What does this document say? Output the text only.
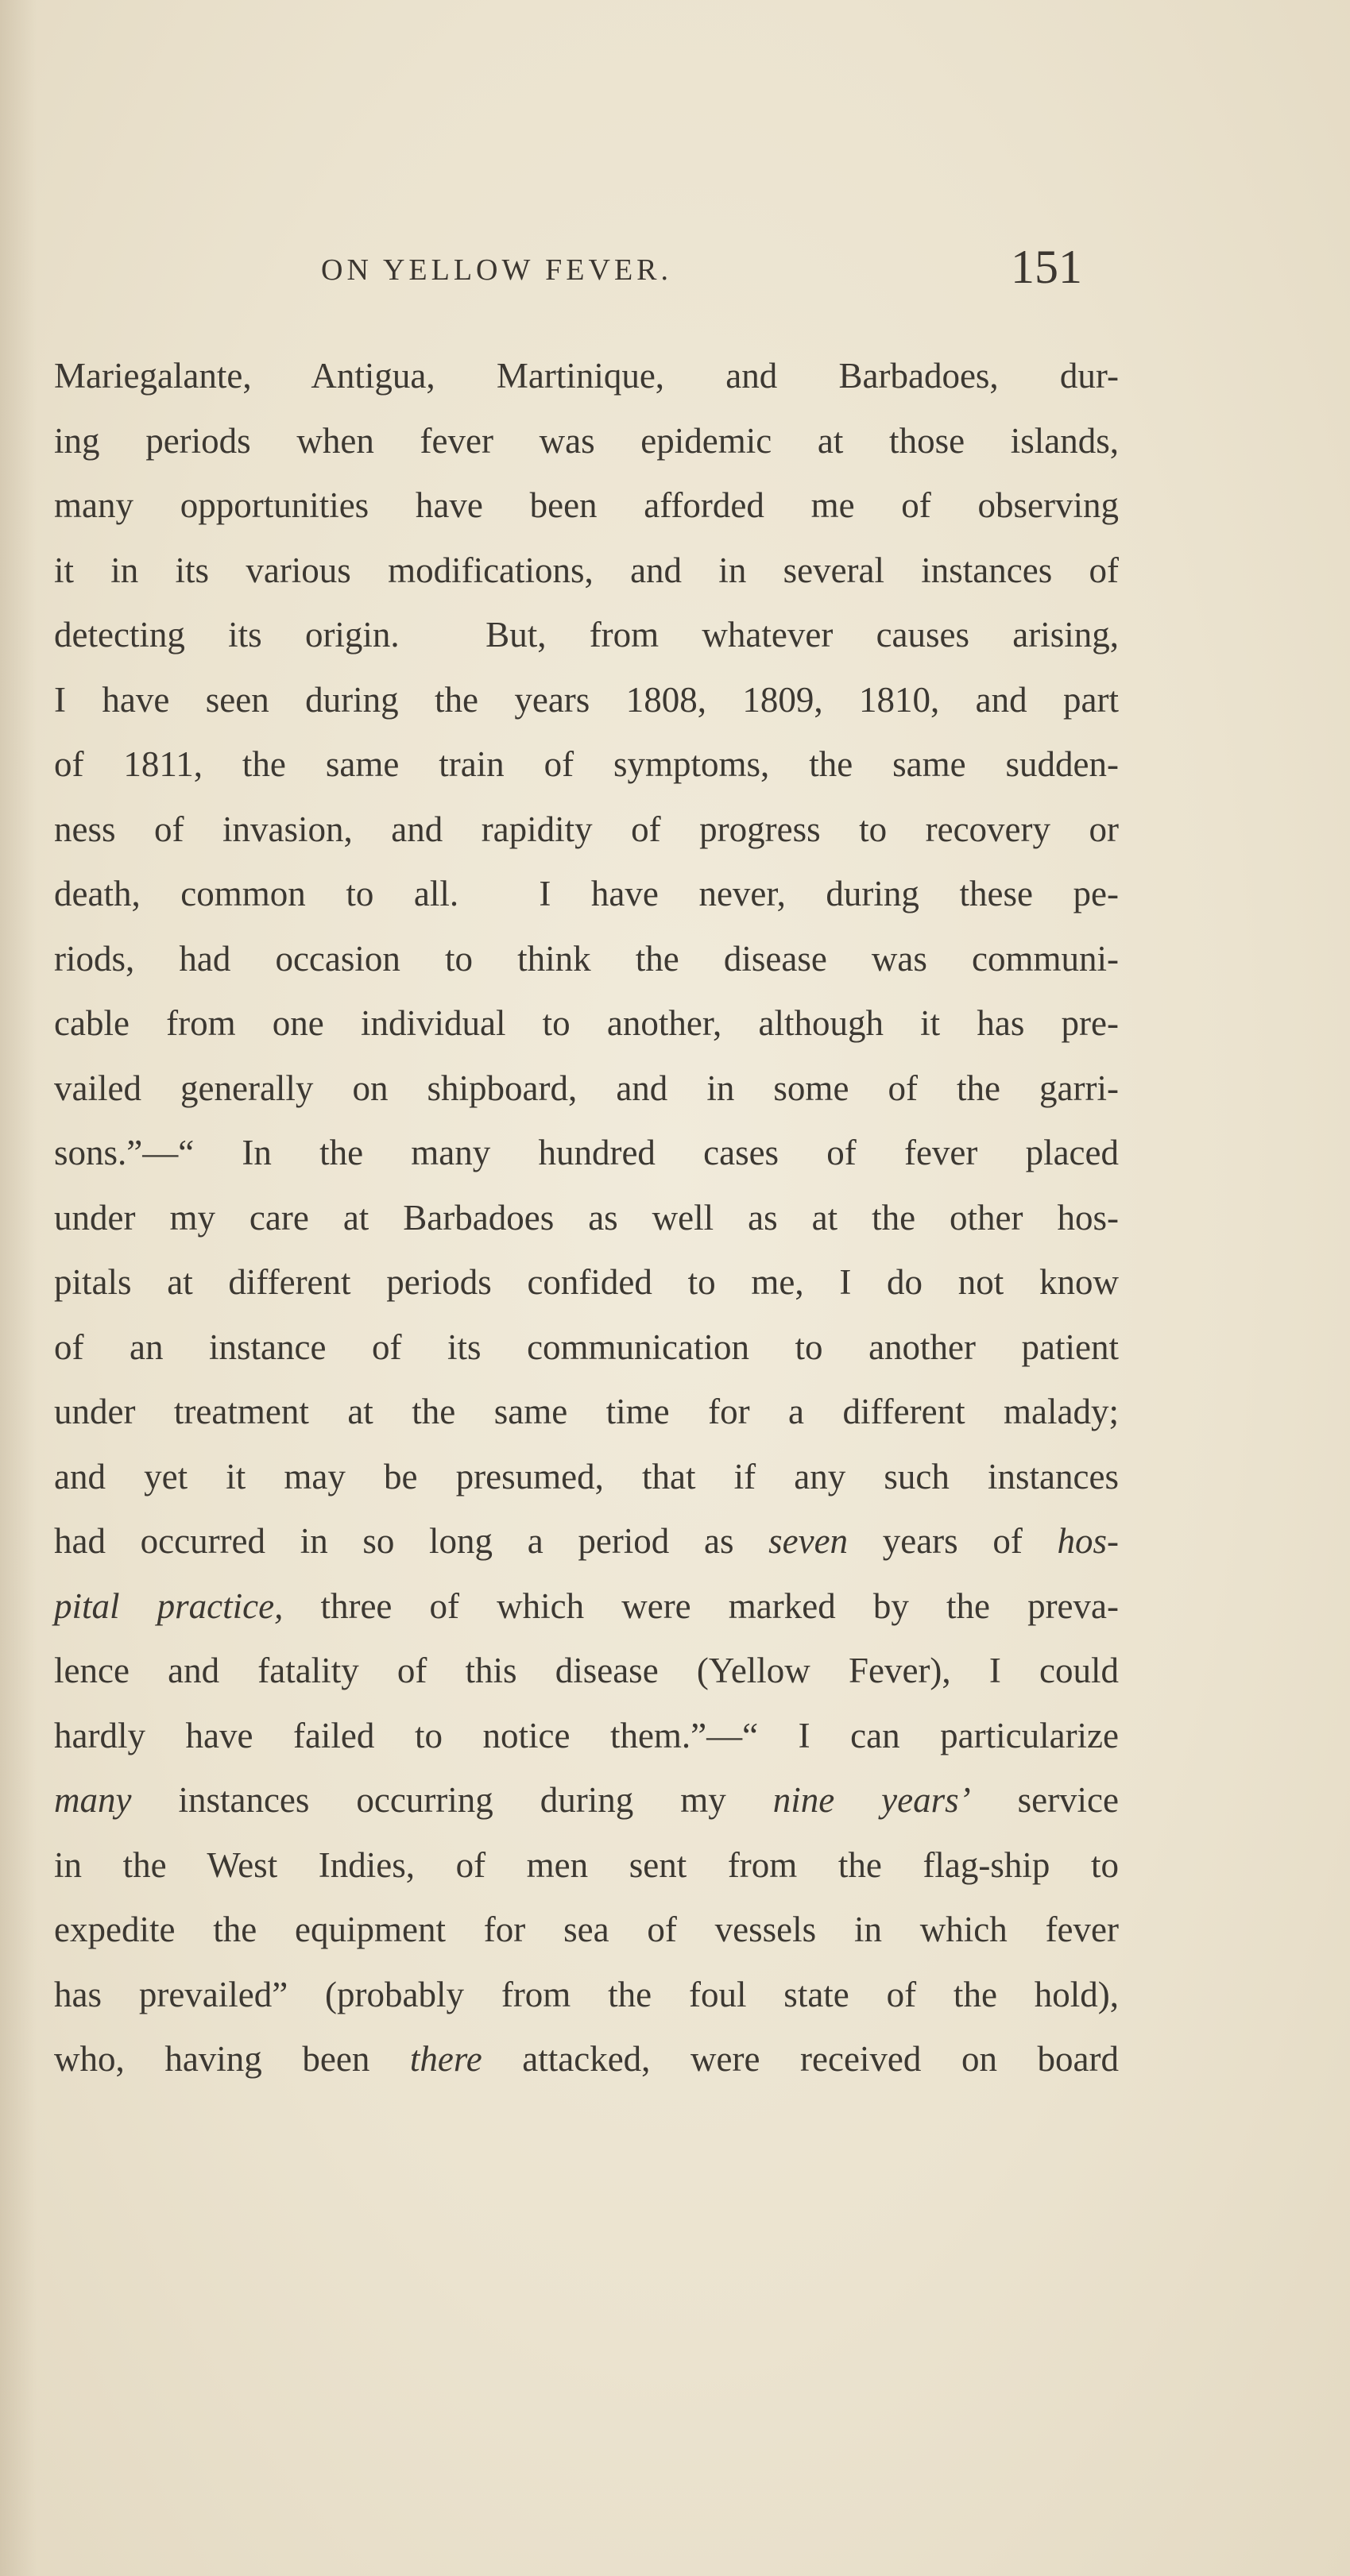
ON YELLOW FEVER.	151
Mariegalante, Antigua, Martinique, and Barbadoes, dur-
ing periods when fever was epidemic at those islands,
many opportunities have been afforded me of observing
it in its various modifications, and in several instances of
detecting its origin.  But, from whatever causes arising,
I have seen during the years 1808, 1809, 1810, and part
of 1811, the same train of symptoms, the same sudden-
ness of invasion, and rapidity of progress to recovery or
death, common to all.  I have never, during these pe-
riods, had occasion to think the disease was communi-
cable from one individual to another, although it has pre-
vailed generally on shipboard, and in some of the garri-
sons.”—“ In the many hundred cases of fever placed
under my care at Barbadoes as well as at the other hos-
pitals at different periods confided to me, I do not know
of an instance of its communication to another patient
under treatment at the same time for a different malady;
and yet it may be presumed, that if any such instances
had occurred in so long a period as seven years of hos-
pital practice, three of which were marked by the preva-
lence and fatality of this disease (Yellow Fever), I could
hardly have failed to notice them.”—“ I can particularize
many instances occurring during my nine years’ service
in the West Indies, of men sent from the flag-ship to
expedite the equipment for sea of vessels in which fever
has prevailed” (probably from the foul state of the hold),
who, having been there attacked, were received on board
